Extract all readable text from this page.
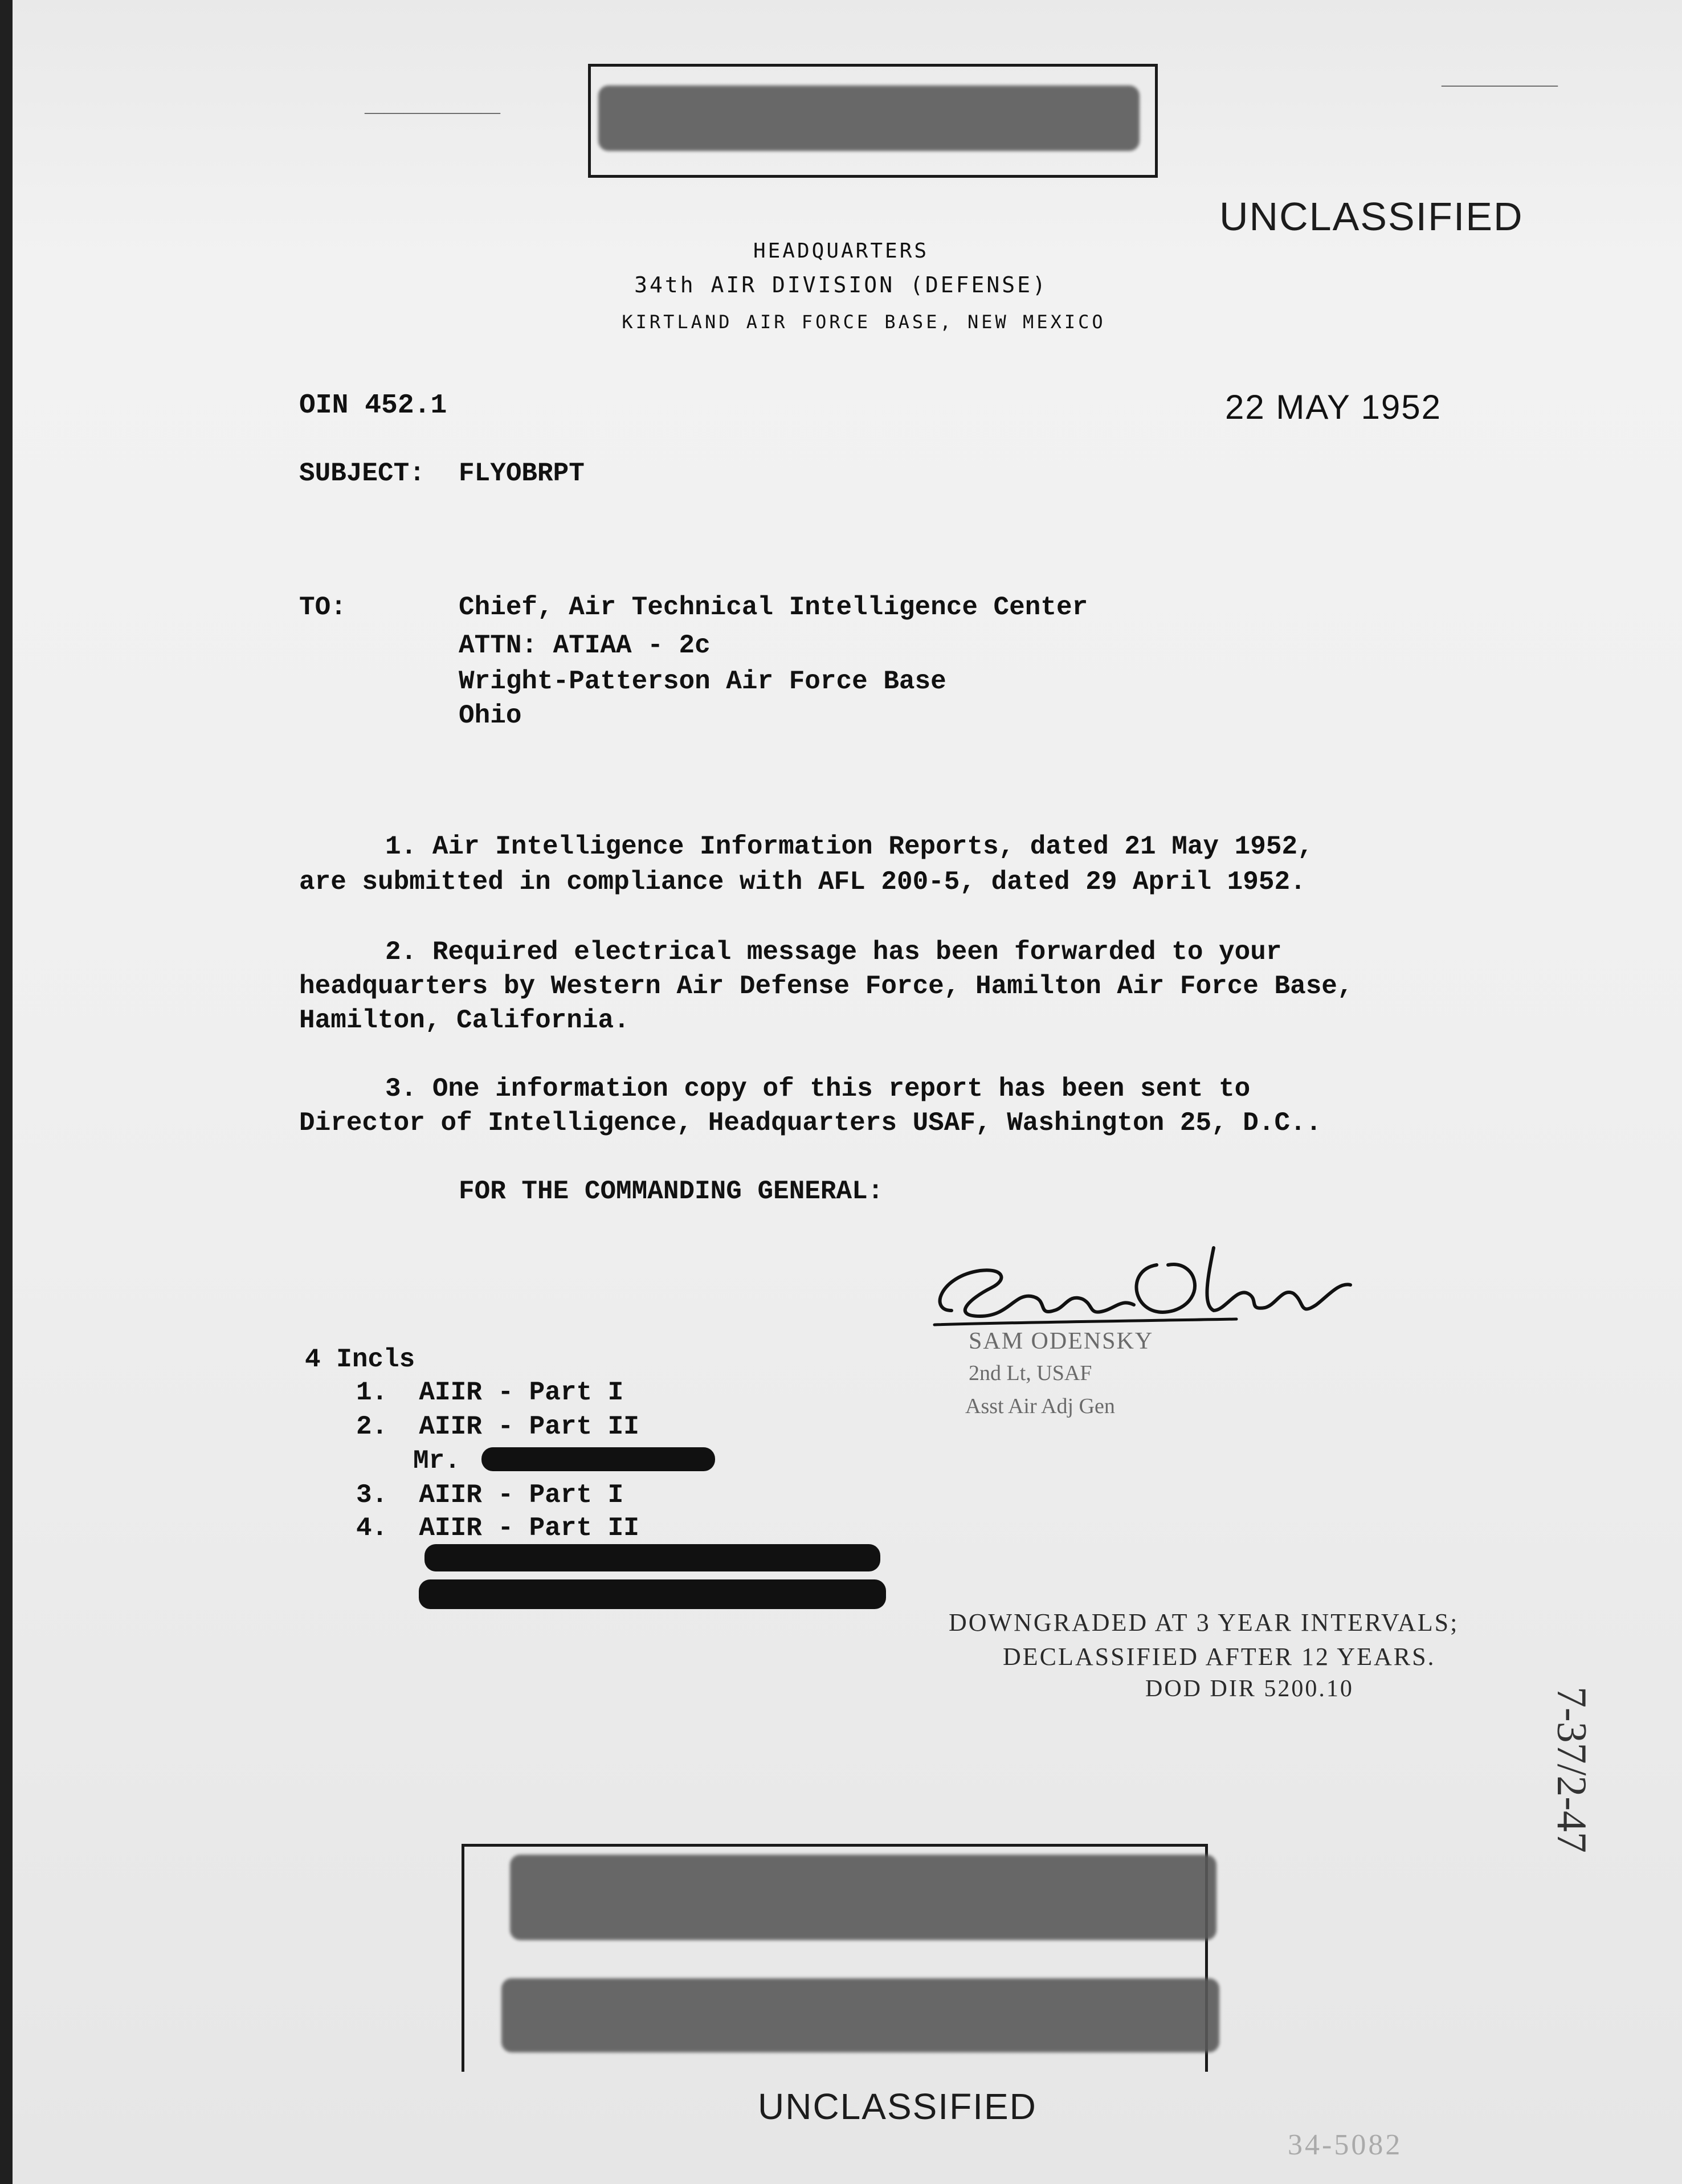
———————
——————
UNCLASSIFIED
HEADQUARTERS
34th AIR DIVISION (DEFENSE)
KIRTLAND AIR FORCE BASE, NEW MEXICO
OIN 452.1	22 MAY 1952
SUBJECT: FLYOBRPT
TO:	Chief, Air Technical Intelligence Center
ATTN: ATIAA - 2c
Wright-Patterson Air Force Base
Ohio
1. Air Intelligence Information Reports, dated 21 May 1952,
are submitted in compliance with AFL 200-5, dated 29 April 1952.
2. Required electrical message has been forwarded to your
headquarters by Western Air Defense Force, Hamilton Air Force Base,
Hamilton, California.
3. One information copy of this report has been sent to
Director of Intelligence, Headquarters USAF, Washington 25, D.C..
FOR THE COMMANDING GENERAL:
SAM ODENSKY
2nd Lt, USAF
Asst Air Adj Gen
4 Incls
1.  AIIR - Part I
2.  AIIR - Part II
Mr.
3.  AIIR - Part I
4.  AIIR - Part II
DOWNGRADED AT 3 YEAR INTERVALS;
DECLASSIFIED AFTER 12 YEARS.
DOD DIR 5200.10
UNCLASSIFIED
7-37/2-47
34-5082
